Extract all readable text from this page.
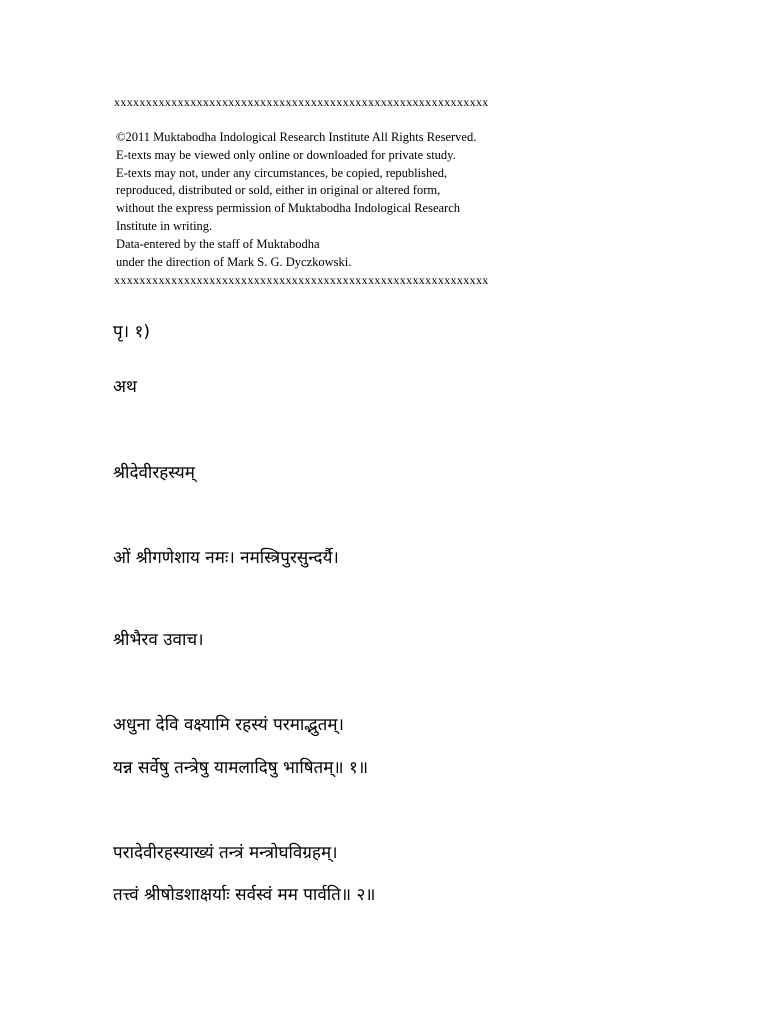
xxxxxxxxxxxxxxxxxxxxxxxxxxxxxxxxxxxxxxxxxxxxxxxxxxxxxxxxxxx
©2011 Muktabodha Indological Research Institute All Rights Reserved.
E-texts may be viewed only online or downloaded for private study.
E-texts may not, under any circumstances, be copied, republished,
reproduced, distributed or sold, either in original or altered form,
without the express permission of Muktabodha Indological Research
Institute in writing.
Data-entered by the staff of Muktabodha
under the direction of Mark S. G. Dyczkowski.
xxxxxxxxxxxxxxxxxxxxxxxxxxxxxxxxxxxxxxxxxxxxxxxxxxxxxxxxxxx
पृ। १)
अथ
श्रीदेवीरहस्यम्
ओं श्रीगणेशाय नमः। नमस्त्रिपुरसुन्दर्यै।
श्रीभैरव उवाच।
अधुना देवि वक्ष्यामि रहस्यं परमाद्भुतम्।
यन्न सर्वेषु तन्त्रेषु यामलादिषु भाषितम्॥ १॥
परादेवीरहस्याख्यं तन्त्रं मन्त्रोघविग्रहम्।
तत्त्वं श्रीषोडशाक्षर्याः सर्वस्वं मम पार्वति॥ २॥
